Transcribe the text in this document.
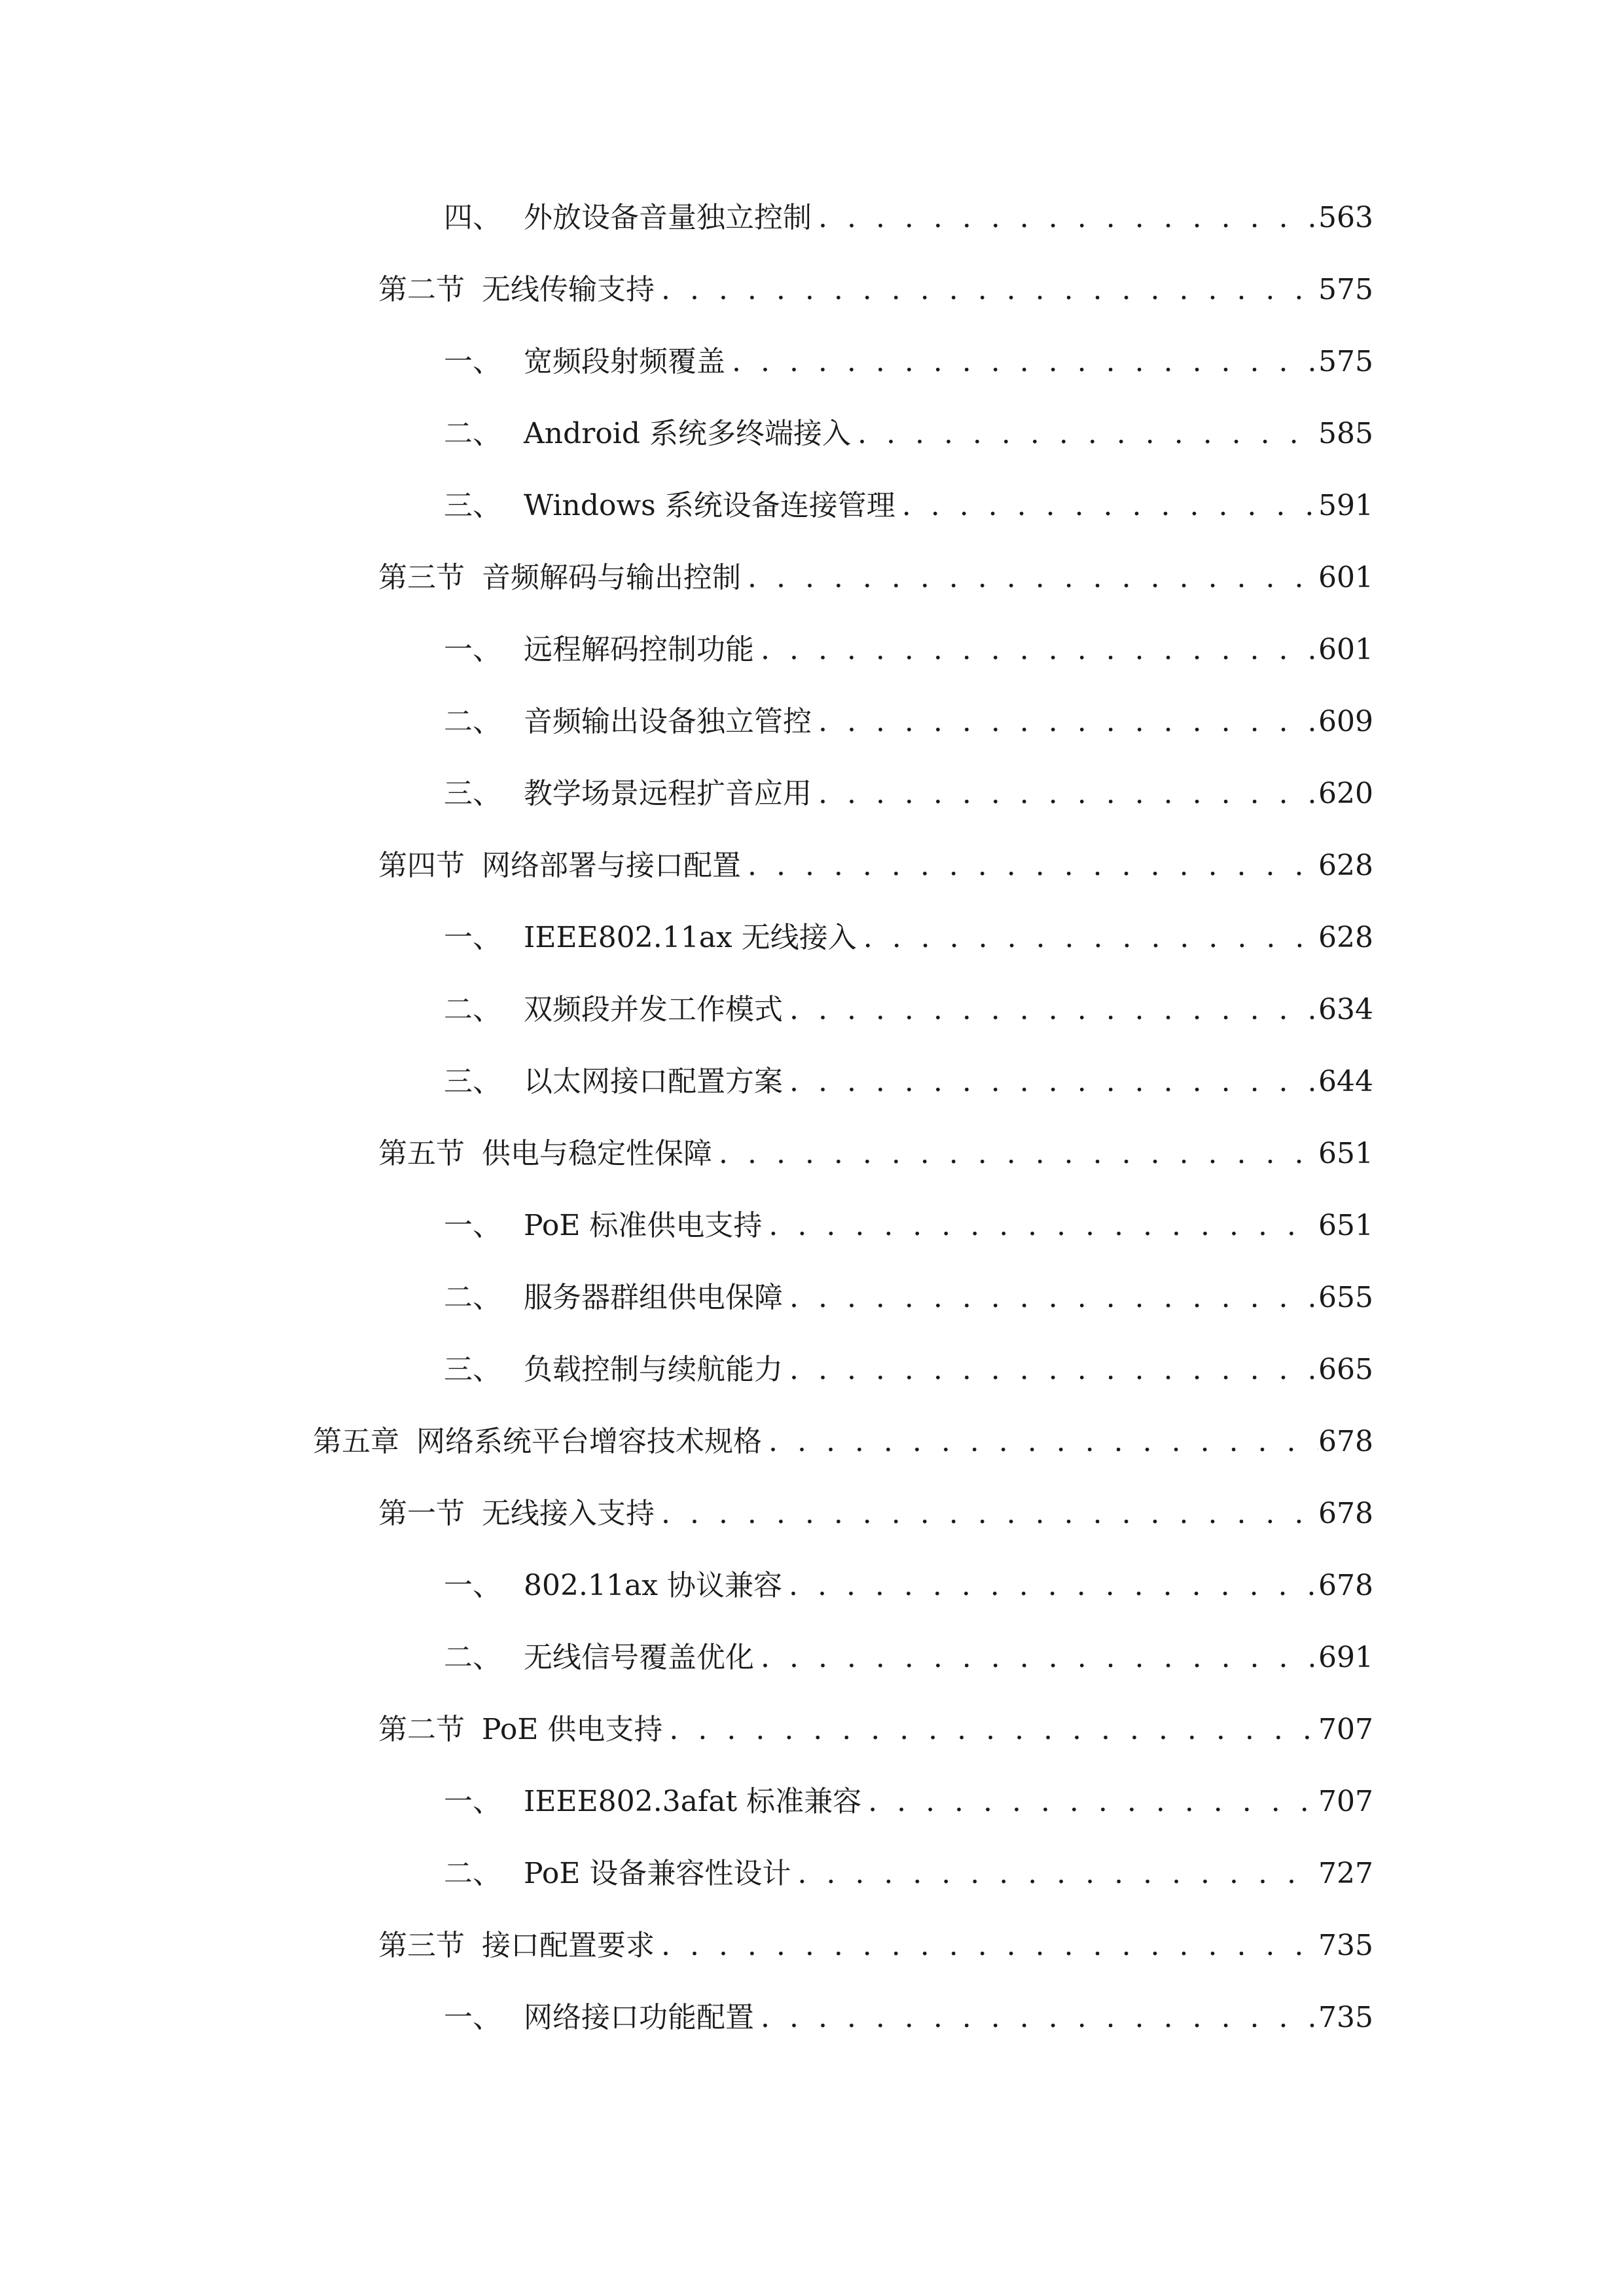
四、 外放设备音量独立控制 . . .	563
第二节 无线传输支持 . . .	575
一、 宽频段射频覆盖 . . .	575
二、 Android 系统多终端接入 . . .	585
三、 Windows 系统设备连接管理 . . .	591
第三节 音频解码与输出控制 . . .	601
一、 远程解码控制功能 . . .	601
二、 音频输出设备独立管控 . . .	609
三、 教学场景远程扩音应用 . . .	620
第四节 网络部署与接口配置 . . .	628
一、 IEEE802.11ax 无线接入 . . .	628
二、 双频段并发工作模式 . . .	634
三、 以太网接口配置方案 . . .	644
第五节 供电与稳定性保障 . . .	651
一、 PoE 标准供电支持 . . .	651
二、 服务器群组供电保障 . . .	655
三、 负载控制与续航能力 . . .	665
第五章 网络系统平台增容技术规格 . . .	678
第一节 无线接入支持 . . .	678
一、 802.11ax 协议兼容 . . .	678
二、 无线信号覆盖优化 . . .	691
第二节 PoE 供电支持 . . .	707
一、 IEEE802.3afat 标准兼容 . . .	707
二、 PoE 设备兼容性设计 . . .	727
第三节 接口配置要求 . . .	735
一、 网络接口功能配置 . . .	735
